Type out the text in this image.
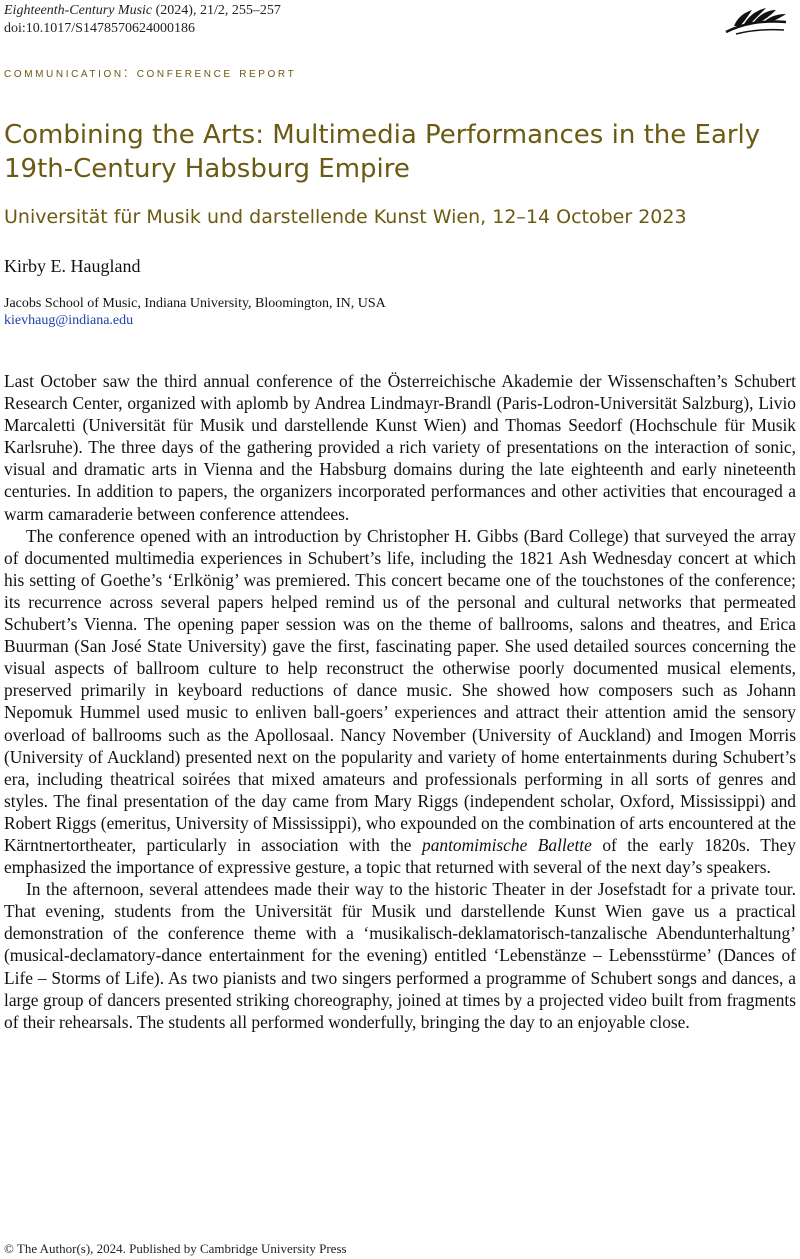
Eighteenth-Century Music (2024), 21/2, 255–257
doi:10.1017/S1478570624000186
communication: conference report
Combining the Arts: Multimedia Performances in the Early 19th-Century Habsburg Empire
Universität für Musik und darstellende Kunst Wien, 12–14 October 2023
Kirby E. Haugland
Jacobs School of Music, Indiana University, Bloomington, IN, USA
kievhaug@indiana.edu

Last October saw the third annual conference of the Österreichische Akademie der Wissenschaften’s Schubert Research Center, organized with aplomb by Andrea Lindmayr-Brandl (Paris-Lodron-Universität Salzburg), Livio Marcaletti (Universität für Musik und darstellende Kunst Wien) and Thomas Seedorf (Hochschule für Musik Karlsruhe). The three days of the gathering provided a rich variety of presentations on the interaction of sonic, visual and dramatic arts in Vienna and the Habsburg domains during the late eighteenth and early nineteenth centuries. In addition to papers, the organizers incorporated performances and other activities that encouraged a warm camaraderie between conference attendees.

The conference opened with an introduction by Christopher H. Gibbs (Bard College) that surveyed the array of documented multimedia experiences in Schubert’s life, including the 1821 Ash Wednesday concert at which his setting of Goethe’s ‘Erlkönig’ was premiered. This concert became one of the touchstones of the conference; its recurrence across several papers helped remind us of the personal and cultural networks that permeated Schubert’s Vienna. The opening paper session was on the theme of ballrooms, salons and theatres, and Erica Buurman (San José State University) gave the first, fascinating paper. She used detailed sources concerning the visual aspects of ballroom culture to help reconstruct the otherwise poorly documented musical elements, preserved primarily in keyboard reductions of dance music. She showed how composers such as Johann Nepomuk Hummel used music to enliven ball-goers’ experiences and attract their attention amid the sensory overload of ballrooms such as the Apollosaal. Nancy November (University of Auckland) and Imogen Morris (University of Auckland) presented next on the popularity and variety of home entertainments during Schubert’s era, including theatrical soirées that mixed amateurs and professionals performing in all sorts of genres and styles. The final presentation of the day came from Mary Riggs (independent scholar, Oxford, Mississippi) and Robert Riggs (emeritus, University of Mississippi), who expounded on the combination of arts encountered at the Kärntnertortheater, particularly in association with the pantomimische Ballette of the early 1820s. They emphasized the importance of expressive gesture, a topic that returned with several of the next day’s speakers.

In the afternoon, several attendees made their way to the historic Theater in der Josefstadt for a private tour. That evening, students from the Universität für Musik und darstellende Kunst Wien gave us a practical demonstration of the conference theme with a ‘musikalisch-deklamatorisch-tanzalische Abendunterhaltung’ (musical-declamatory-dance entertainment for the evening) entitled ‘Lebenstänze – Lebensstürme’ (Dances of Life – Storms of Life). As two pianists and two singers performed a programme of Schubert songs and dances, a large group of dancers presented striking choreography, joined at times by a projected video built from fragments of their rehearsals. The students all performed wonderfully, bringing the day to an enjoyable close.

© The Author(s), 2024. Published by Cambridge University Press
